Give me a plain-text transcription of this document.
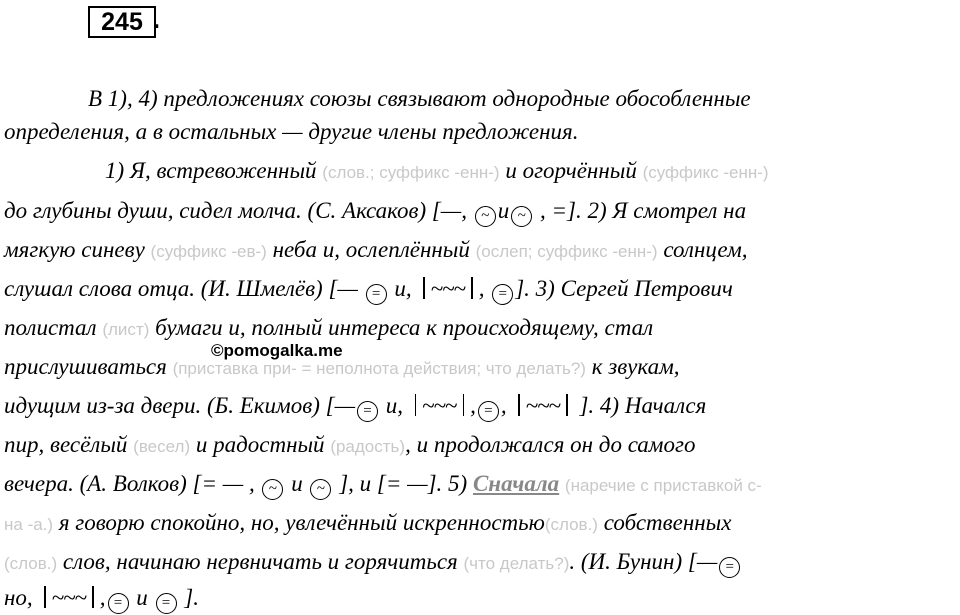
245 .
В 1), 4) предложениях союзы связывают однородные обособленные
определения, а в остальных — другие члены предложения.
1) Я, встревоженный (слов.; суффикс -енн-) и огорчённый (суффикс -енн-)
до глубины души, сидел молча. (С. Аксаков) [—, ~ и ~ , =]. 2) Я смотрел на
мягкую синеву (суффикс -ев-) неба и, ослеплённый (ослеп; суффикс -енн-) солнцем,
слушал слова отца. (И. Шмелёв) [— = и, ~~~ , = ]. 3) Сергей Петрович
полистал (лист) бумаги и, полный интереса к происходящему, стал
©pomogalka.me
прислушиваться (приставка при- = неполнота действия; что делать?) к звукам,
идущим из-за двери. (Б. Екимов) [— = и, ~~~ , = , ~~~ ]. 4) Начался
пир, весёлый (весел) и радостный (радость), и продолжался он до самого
вечера. (А. Волков) [= — , ~ и ~ ], и [= —]. 5) Сначала (наречие с приставкой с-
на -а.) я говорю спокойно, но, увлечённый искренностью(слов.) собственных
(слов.) слов, начинаю нервничать и горячиться (что делать?). (И. Бунин) [— =
но, ~~~ , = и = ].
